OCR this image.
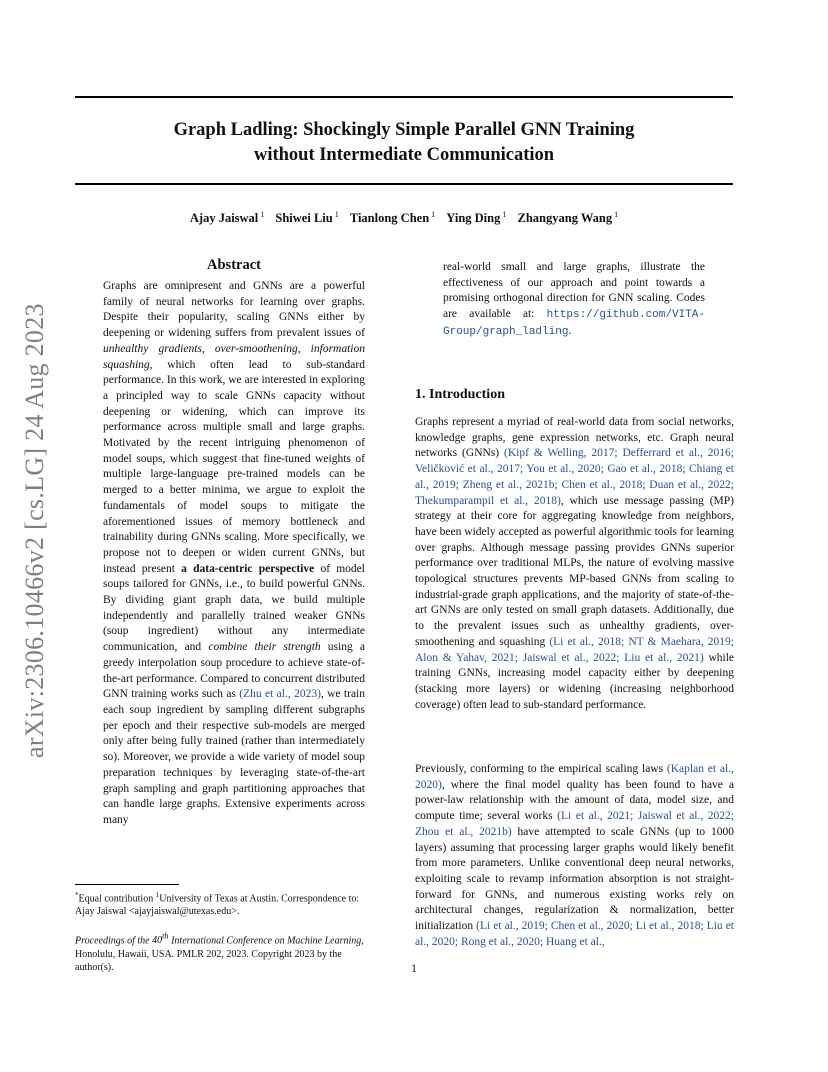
Graph Ladling: Shockingly Simple Parallel GNN Training
without Intermediate Communication
Ajay Jaiswal $^1$ Shiwei Liu $^1$ Tianlong Chen $^1$ Ying Ding $^1$ Zhangyang Wang $^1$
arXiv:2306.10466v2 [cs.LG] 24 Aug 2023
Abstract
Graphs are omnipresent and GNNs are a powerful family of neural networks for learning over graphs. Despite their popularity, scaling GNNs either by deepening or widening suffers from prevalent issues of unhealthy gradients, over-smoothening, information squashing, which often lead to sub-standard performance. In this work, we are interested in exploring a principled way to scale GNNs capacity without deepening or widening, which can improve its performance across multiple small and large graphs. Motivated by the recent intriguing phenomenon of model soups, which suggest that fine-tuned weights of multiple large-language pre-trained models can be merged to a better minima, we argue to exploit the fundamentals of model soups to mitigate the aforementioned issues of memory bottleneck and trainability during GNNs scaling. More specifically, we propose not to deepen or widen current GNNs, but instead present a data-centric perspective of model soups tailored for GNNs, i.e., to build powerful GNNs. By dividing giant graph data, we build multiple independently and parallelly trained weaker GNNs (soup ingredient) without any intermediate communication, and combine their strength using a greedy interpolation soup procedure to achieve state-of-the-art performance. Compared to concurrent distributed GNN training works such as (Zhu et al., 2023), we train each soup ingredient by sampling different subgraphs per epoch and their respective sub-models are merged only after being fully trained (rather than intermediately so). Moreover, we provide a wide variety of model soup preparation techniques by leveraging state-of-the-art graph sampling and graph partitioning approaches that can handle large graphs. Extensive experiments across many
real-world small and large graphs, illustrate the effectiveness of our approach and point towards a promising orthogonal direction for GNN scaling. Codes are available at: https://github.com/VITA-Group/graph_ladling.
1. Introduction
Graphs represent a myriad of real-world data from social networks, knowledge graphs, gene expression networks, etc. Graph neural networks (GNNs) (Kipf & Welling, 2017; Defferrard et al., 2016; Veličković et al., 2017; You et al., 2020; Gao et al., 2018; Chiang et al., 2019; Zheng et al., 2021b; Chen et al., 2018; Duan et al., 2022; Thekumparampil et al., 2018), which use message passing (MP) strategy at their core for aggregating knowledge from neighbors, have been widely accepted as powerful algorithmic tools for learning over graphs. Although message passing provides GNNs superior performance over traditional MLPs, the nature of evolving massive topological structures prevents MP-based GNNs from scaling to industrial-grade graph applications, and the majority of state-of-the-art GNNs are only tested on small graph datasets. Additionally, due to the prevalent issues such as unhealthy gradients, over-smoothening and squashing (Li et al., 2018; NT & Maehara, 2019; Alon & Yahav, 2021; Jaiswal et al., 2022; Liu et al., 2021) while training GNNs, increasing model capacity either by deepening (stacking more layers) or widening (increasing neighborhood coverage) often lead to sub-standard performance.
Previously, conforming to the empirical scaling laws (Kaplan et al., 2020), where the final model quality has been found to have a power-law relationship with the amount of data, model size, and compute time; several works (Li et al., 2021; Jaiswal et al., 2022; Zhou et al., 2021b) have attempted to scale GNNs (up to 1000 layers) assuming that processing larger graphs would likely benefit from more parameters. Unlike conventional deep neural networks, exploiting scale to revamp information absorption is not straight-forward for GNNs, and numerous existing works rely on architectural changes, regularization & normalization, better initialization (Li et al., 2019; Chen et al., 2020; Li et al., 2018; Liu et al., 2020; Rong et al., 2020; Huang et al.,
*Equal contribution $^1$University of Texas at Austin. Correspondence to: Ajay Jaiswal <ajayjaiswal@utexas.edu>.
Proceedings of the 40th International Conference on Machine Learning, Honolulu, Hawaii, USA. PMLR 202, 2023. Copyright 2023 by the author(s).	1
